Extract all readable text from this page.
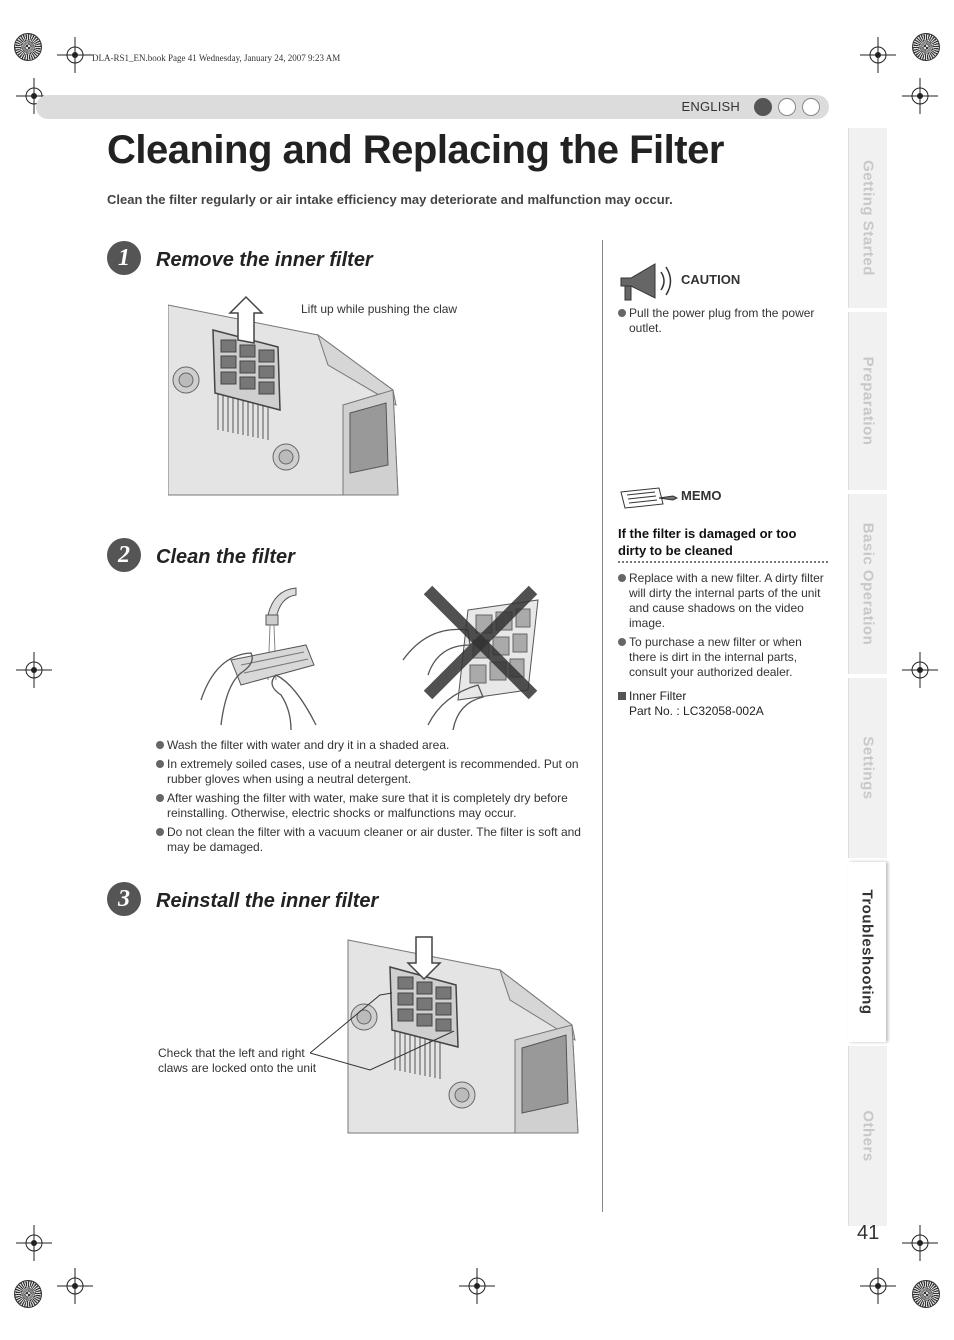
DLA-RS1_EN.book Page 41 Wednesday, January 24, 2007 9:23 AM
ENGLISH
Cleaning and Replacing the Filter
Clean the filter regularly or air intake efficiency may deteriorate and malfunction may occur.
1	Remove the inner filter
Lift up while pushing the claw
2	Clean the filter
Wash the filter with water and dry it in a shaded area.
In extremely soiled cases, use of a neutral detergent is recommended. Put on rubber gloves when using a neutral detergent.
After washing the filter with water, make sure that it is completely dry before reinstalling. Otherwise, electric shocks or malfunctions may occur.
Do not clean the filter with a vacuum cleaner or air duster. The filter is soft and may be damaged.
3	Reinstall the inner filter
Check that the left and right
claws are locked onto the unit
CAUTION
Pull the power plug from the power outlet.
MEMO
If the filter is damaged or too dirty to be cleaned
Replace with a new filter. A dirty filter will dirty the internal parts of the unit and cause shadows on the video image.
To purchase a new filter or when there is dirt in the internal parts, consult your authorized dealer.
Inner Filter
Part No. : LC32058-002A
Getting Started
Preparation
Basic Operation
Settings
Troubleshooting
Others
41
